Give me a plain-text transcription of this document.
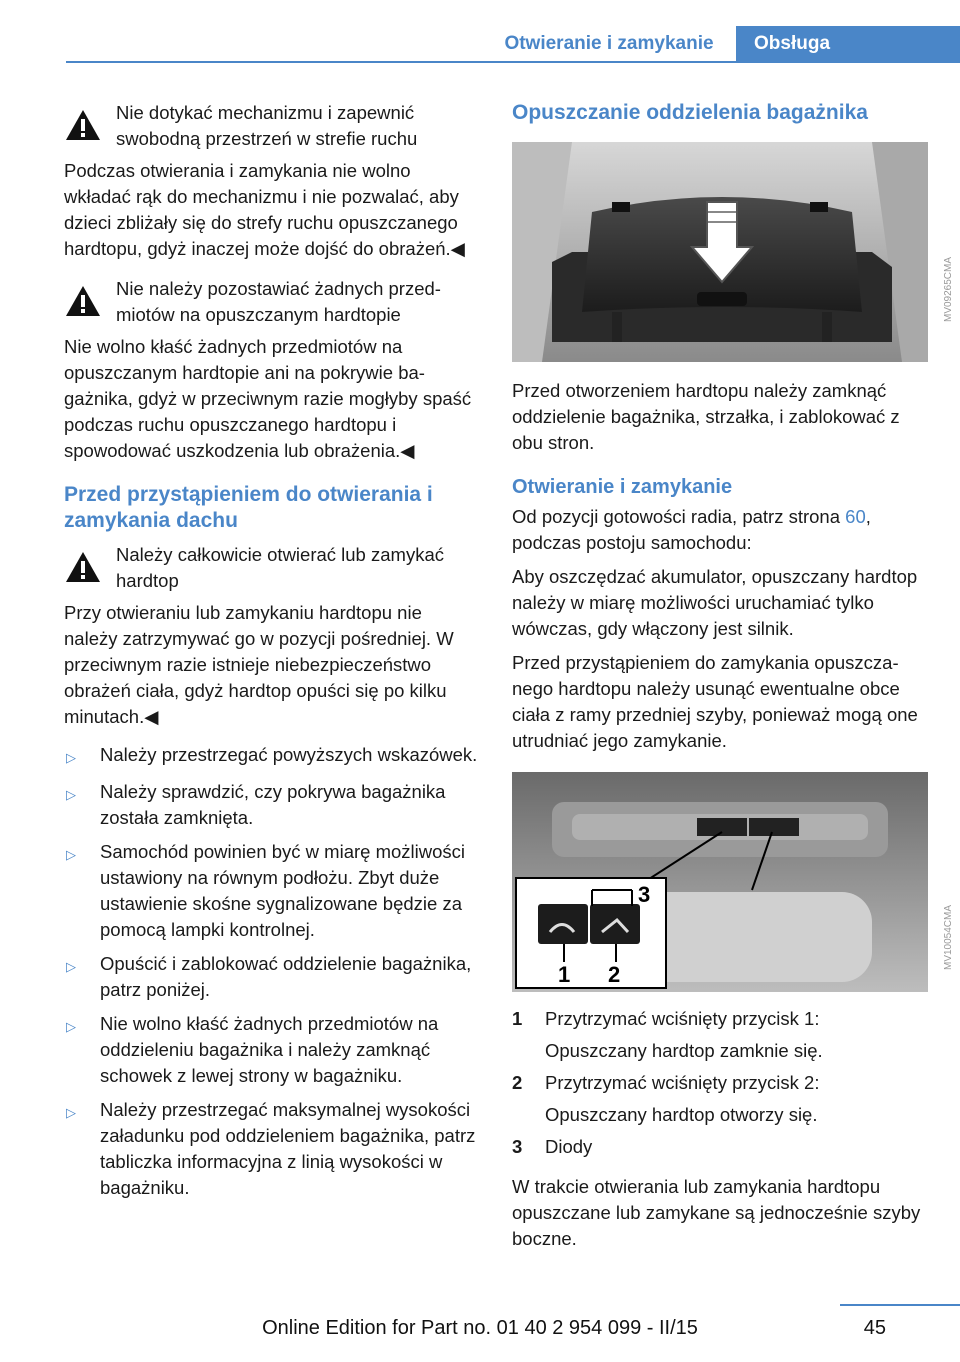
Otwieranie i zamykanie	Obsługa
Nie dotykać mechanizmu i zapewnić swobodną przestrzeń w strefie ruchu

Podczas otwierania i zamykania nie wolno wkładać rąk do mechanizmu i nie pozwalać, aby dzieci zbliżały się do strefy ruchu opuszczanego hardtopu, gdyż inaczej może dojść do obrażeń.◀

Nie należy pozostawiać żadnych przedmiotów na opuszczanym hardtopie

Nie wolno kłaść żadnych przedmiotów na opuszczanym hardtopie ani na pokrywie bagażnika, gdyż w przeciwnym razie mogłyby spaść podczas ruchu opuszczanego hardtopu i spowodować uszkodzenia lub obrażenia.◀

Przed przystąpieniem do otwierania i zamykania dachu
Należy całkowicie otwierać lub zamykać hardtop

Przy otwieraniu lub zamykaniu hardtopu nie należy zatrzymywać go w pozycji pośredniej. W przeciwnym razie istnieje niebezpieczeństwo obrażeń ciała, gdyż hardtop opuści się po kilku minutach.◀

▷	Należy przestrzegać powyższych wskazówek.
▷	Należy sprawdzić, czy pokrywa bagażnika została zamknięta.
▷	Samochód powinien być w miarę możliwości ustawiony na równym podłożu. Zbyt duże ustawienie skośne sygnalizowane będzie za pomocą lampki kontrolnej.
▷	Opuścić i zablokować oddzielenie bagażnika, patrz poniżej.
▷	Nie wolno kłaść żadnych przedmiotów na oddzieleniu bagażnika i należy zamknąć schowek z lewej strony w bagażniku.
▷	Należy przestrzegać maksymalnej wysokości załadunku pod oddzieleniem bagażnika, patrz tabliczka informacyjna z linią wysokości w bagażniku.
Opuszczanie oddzielenia bagażnika
MV09265CMA

Przed otworzeniem hardtopu należy zamknąć oddzielenie bagażnika, strzałka, i zablokować z obu stron.

Otwieranie i zamykanie

Od pozycji gotowości radia, patrz strona 60, podczas postoju samochodu:

Aby oszczędzać akumulator, opuszczany hardtop należy w miarę możliwości uruchamiać tylko wówczas, gdy włączony jest silnik.

Przed przystąpieniem do zamykania opuszczanego hardtopu należy usunąć ewentualne obce ciała z ramy przedniej szyby, ponieważ mogą one utrudniać jego zamykanie.

1 2
3
MV10054CMA
1	Przytrzymać wciśnięty przycisk 1:
Opuszczany hardtop zamknie się.
2	Przytrzymać wciśnięty przycisk 2:
Opuszczany hardtop otworzy się.
3	Diody

W trakcie otwierania lub zamykania hardtopu opuszczane lub zamykane są jednocześnie szyby boczne.

45
Online Edition for Part no. 01 40 2 954 099 - II/15
